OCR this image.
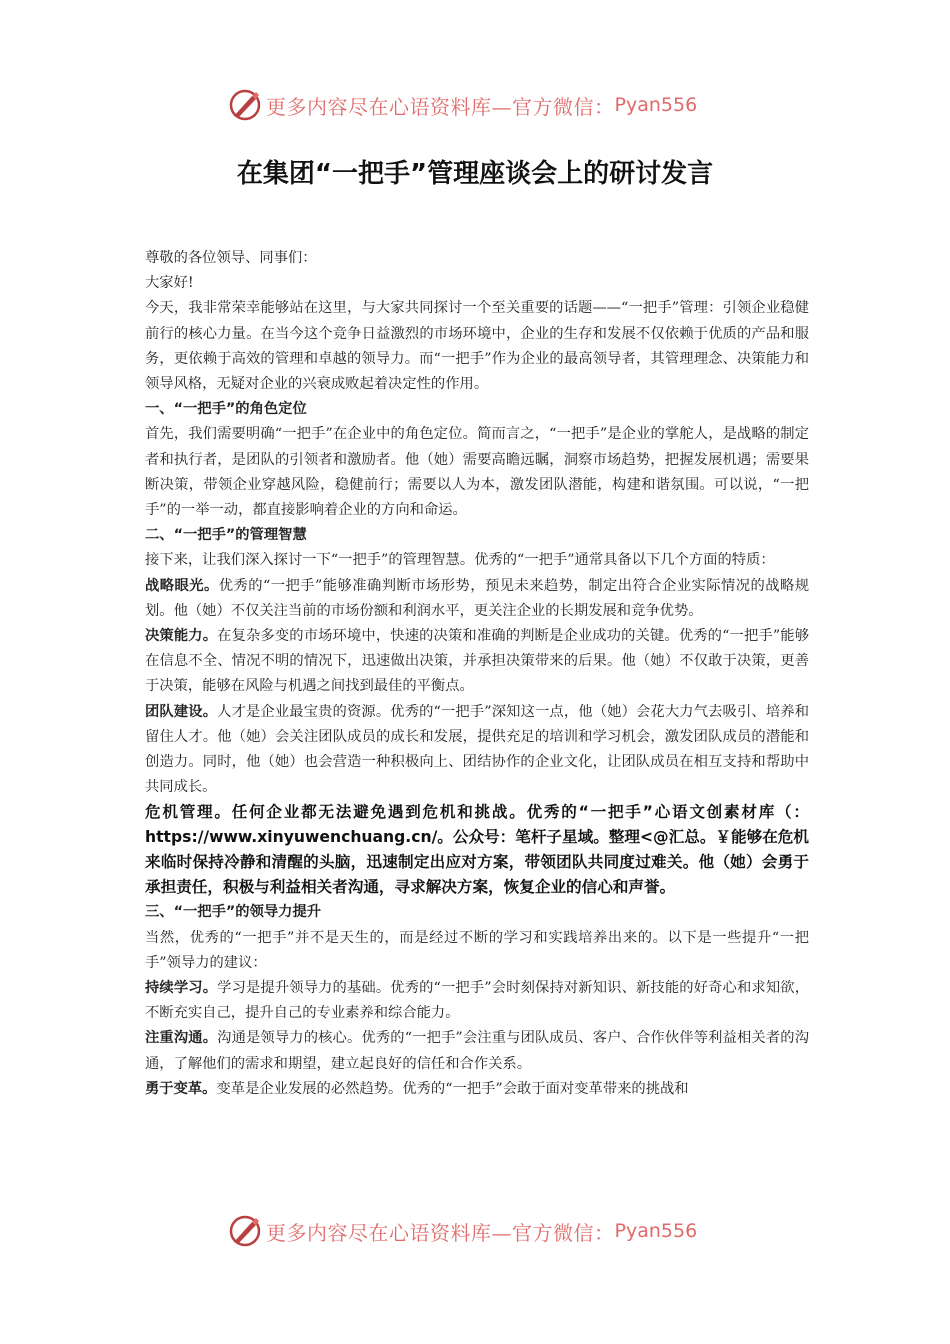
更多内容尽在心语资料库—官方微信： Pyan556
在集团“一把手”管理座谈会上的研讨发言

尊敬的各位领导、同事们：

大家好!

今天，我非常荣幸能够站在这里，与大家共同探讨一个至关重要的话题——“一把手”管理：引领企业稳健前行的核心力量。在当今这个竞争日益激烈的市场环境中，企业的生存和发展不仅依赖于优质的产品和服务，更依赖于高效的管理和卓越的领导力。而“一把手”作为企业的最高领导者，其管理理念、决策能力和领导风格，无疑对企业的兴衰成败起着决定性的作用。

一、“一把手”的角色定位

首先，我们需要明确“一把手”在企业中的角色定位。简而言之，“一把手”是企业的掌舵人，是战略的制定者和执行者，是团队的引领者和激励者。他（她）需要高瞻远瞩，洞察市场趋势，把握发展机遇；需要果断决策，带领企业穿越风险，稳健前行；需要以人为本，激发团队潜能，构建和谐氛围。可以说，“一把手”的一举一动，都直接影响着企业的方向和命运。

二、“一把手”的管理智慧

接下来，让我们深入探讨一下“一把手”的管理智慧。优秀的“一把手”通常具备以下几个方面的特质：

战略眼光。优秀的“一把手”能够准确判断市场形势，预见未来趋势，制定出符合企业实际情况的战略规划。他（她）不仅关注当前的市场份额和利润水平，更关注企业的长期发展和竞争优势。

决策能力。在复杂多变的市场环境中，快速的决策和准确的判断是企业成功的关键。优秀的“一把手”能够在信息不全、情况不明的情况下，迅速做出决策，并承担决策带来的后果。他（她）不仅敢于决策，更善于决策，能够在风险与机遇之间找到最佳的平衡点。

团队建设。人才是企业最宝贵的资源。优秀的“一把手”深知这一点，他（她）会花大力气去吸引、培养和留住人才。他（她）会关注团队成员的成长和发展，提供充足的培训和学习机会，激发团队成员的潜能和创造力。同时，他（她）也会营造一种积极向上、团结协作的企业文化，让团队成员在相互支持和帮助中共同成长。

危机管理。任何企业都无法避免遇到危机和挑战。优秀的“一把手”心语文创素材库（：https://www.xinyuwenchuang.cn/。公众号：笔杆子星域。整理<@汇总。￥能够在危机来临时保持冷静和清醒的头脑，迅速制定出应对方案，带领团队共同度过难关。他（她）会勇于承担责任，积极与利益相关者沟通，寻求解决方案，恢复企业的信心和声誉。

三、“一把手”的领导力提升

当然，优秀的“一把手”并不是天生的，而是经过不断的学习和实践培养出来的。以下是一些提升“一把手”领导力的建议：

持续学习。学习是提升领导力的基础。优秀的“一把手”会时刻保持对新知识、新技能的好奇心和求知欲，不断充实自己，提升自己的专业素养和综合能力。

注重沟通。沟通是领导力的核心。优秀的“一把手”会注重与团队成员、客户、合作伙伴等利益相关者的沟通，了解他们的需求和期望，建立起良好的信任和合作关系。

勇于变革。变革是企业发展的必然趋势。优秀的“一把手”会敢于面对变革带来的挑战和

更多内容尽在心语资料库—官方微信： Pyan556
